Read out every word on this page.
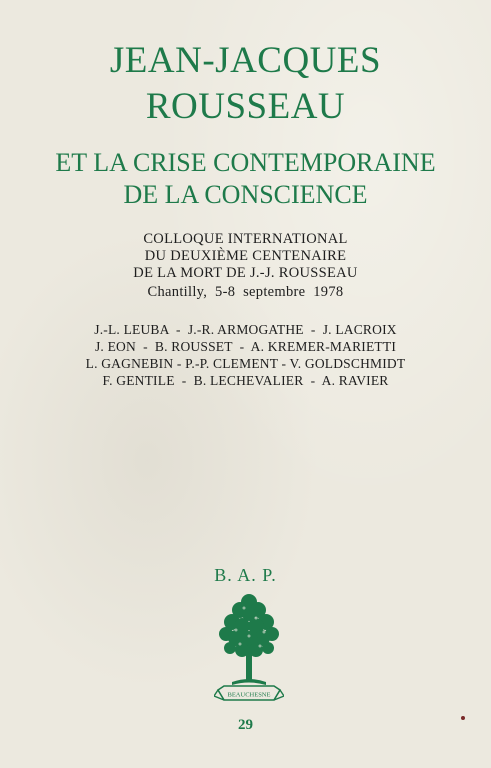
JEAN-JACQUES
ROUSSEAU
ET LA CRISE CONTEMPORAINE
DE LA CONSCIENCE
COLLOQUE INTERNATIONAL
DU DEUXIÈME CENTENAIRE
DE LA MORT DE J.-J. ROUSSEAU
Chantilly,  5-8  septembre  1978
J.-L. LEUBA  -  J.-R. ARMOGATHE  -  J. LACROIX
J. EON  -  B. ROUSSET  -  A. KREMER-MARIETTI
L. GAGNEBIN - P.-P. CLEMENT - V. GOLDSCHMIDT
F. GENTILE  -  B. LECHEVALIER  -  A. RAVIER
B. A. P.
BEAUCHESNE
29
